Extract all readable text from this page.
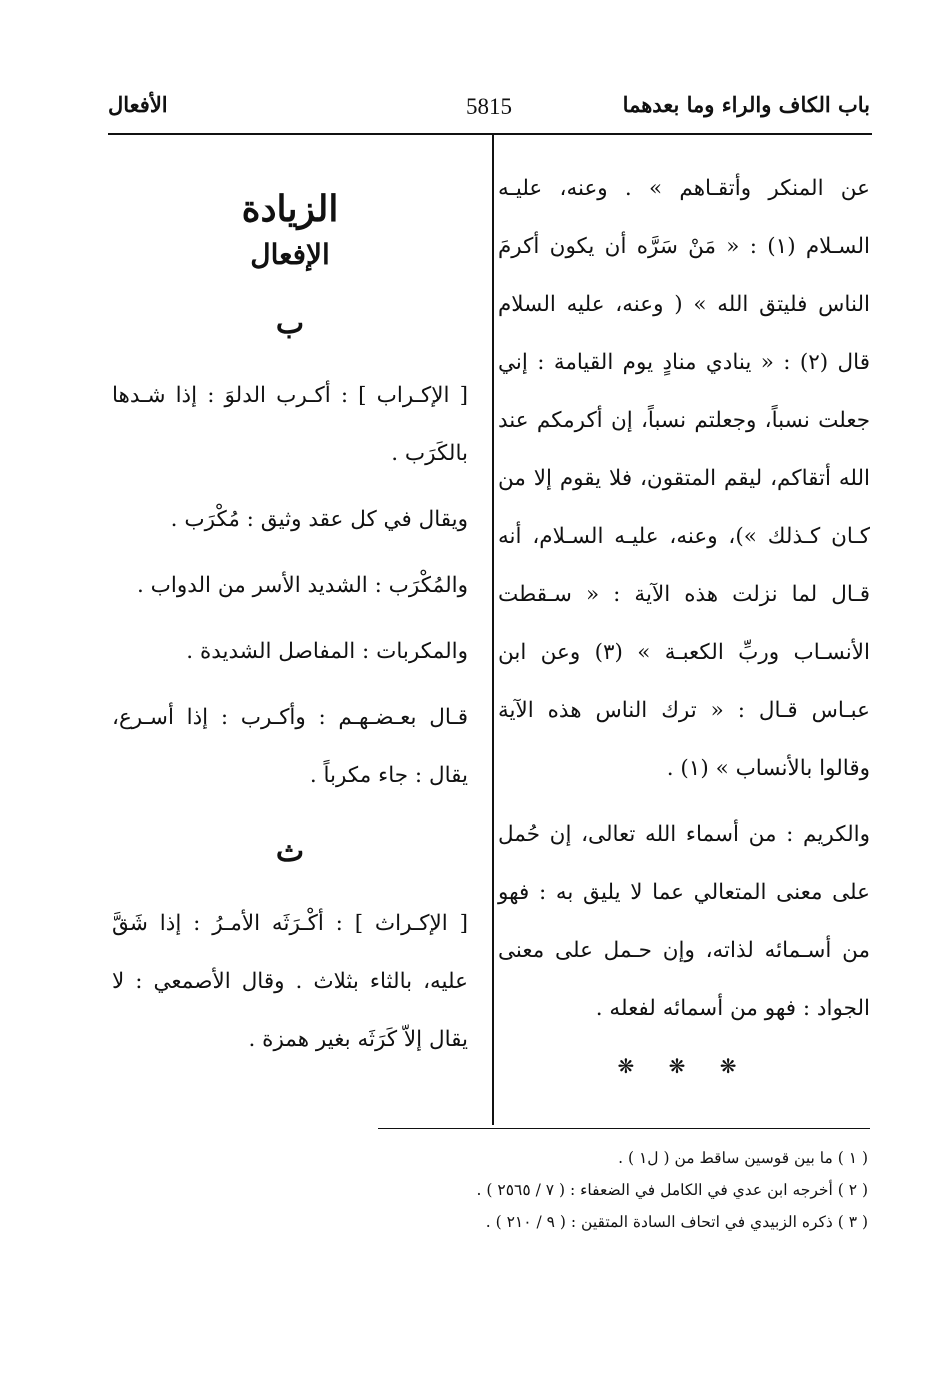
باب الكاف والراء وما بعدهما
5815
الأفعال
عن المنكر وأتقـاهم » . وعنه، عليـه السـلام (١) : « مَنْ سَرَّه أن يكون أكرمَ الناس فليتق الله » ( وعنه، عليه السلام قال (٢) : « ينادي منادٍ يوم القيامة : إني جعلت نسباً، وجعلتم نسباً، إن أكرمكم عند الله أتقاكم، ليقم المتقون، فلا يقوم إلا من كـان كـذلك »)، وعنه، عليـه السـلام، أنه قـال لما نزلت هذه الآية : « سـقطت الأنسـاب وربِّ الكعبـة » (٣) وعن ابن عبـاس قـال : « ترك الناس هذه الآية وقالوا بالأنساب » (١) .
والكريم : من أسماء الله تعالى، إن حُمل على معنى المتعالي عما لا يليق به : فهو من أسـمائه لذاته، وإن حـمل على معنى الجواد : فهو من أسمائه لفعله .
❋ ❋ ❋
الزيادة
الإفعال
ب
[ الإكـراب ] : أكـرب الدلوَ : إذا شـدها بالكَرَب .
ويقال في كل عقد وثيق : مُكْرَب .
والمُكْرَب : الشديد الأسر من الدواب .
والمكربات : المفاصل الشديدة .
قـال بعـضـهـم : وأكـرب : إذا أسـرع، يقال : جاء مكرباً .
ث
[ الإكـراث ] : أكْـرَثَه الأمـرُ : إذا شَقَّ عليه، بالثاء بثلاث . وقال الأصمعي : لا يقال إلاّ كَرَثَه بغير همزة .
( ١ ) ما بين قوسين ساقط من ( ل١ ) .
( ٢ ) أخرجه ابن عدي في الكامل في الضعفاء : ( ٧ / ٢٥٦٥ ) .
( ٣ ) ذكره الزبيدي في اتحاف السادة المتقين : ( ٩ / ٢١٠ ) .
